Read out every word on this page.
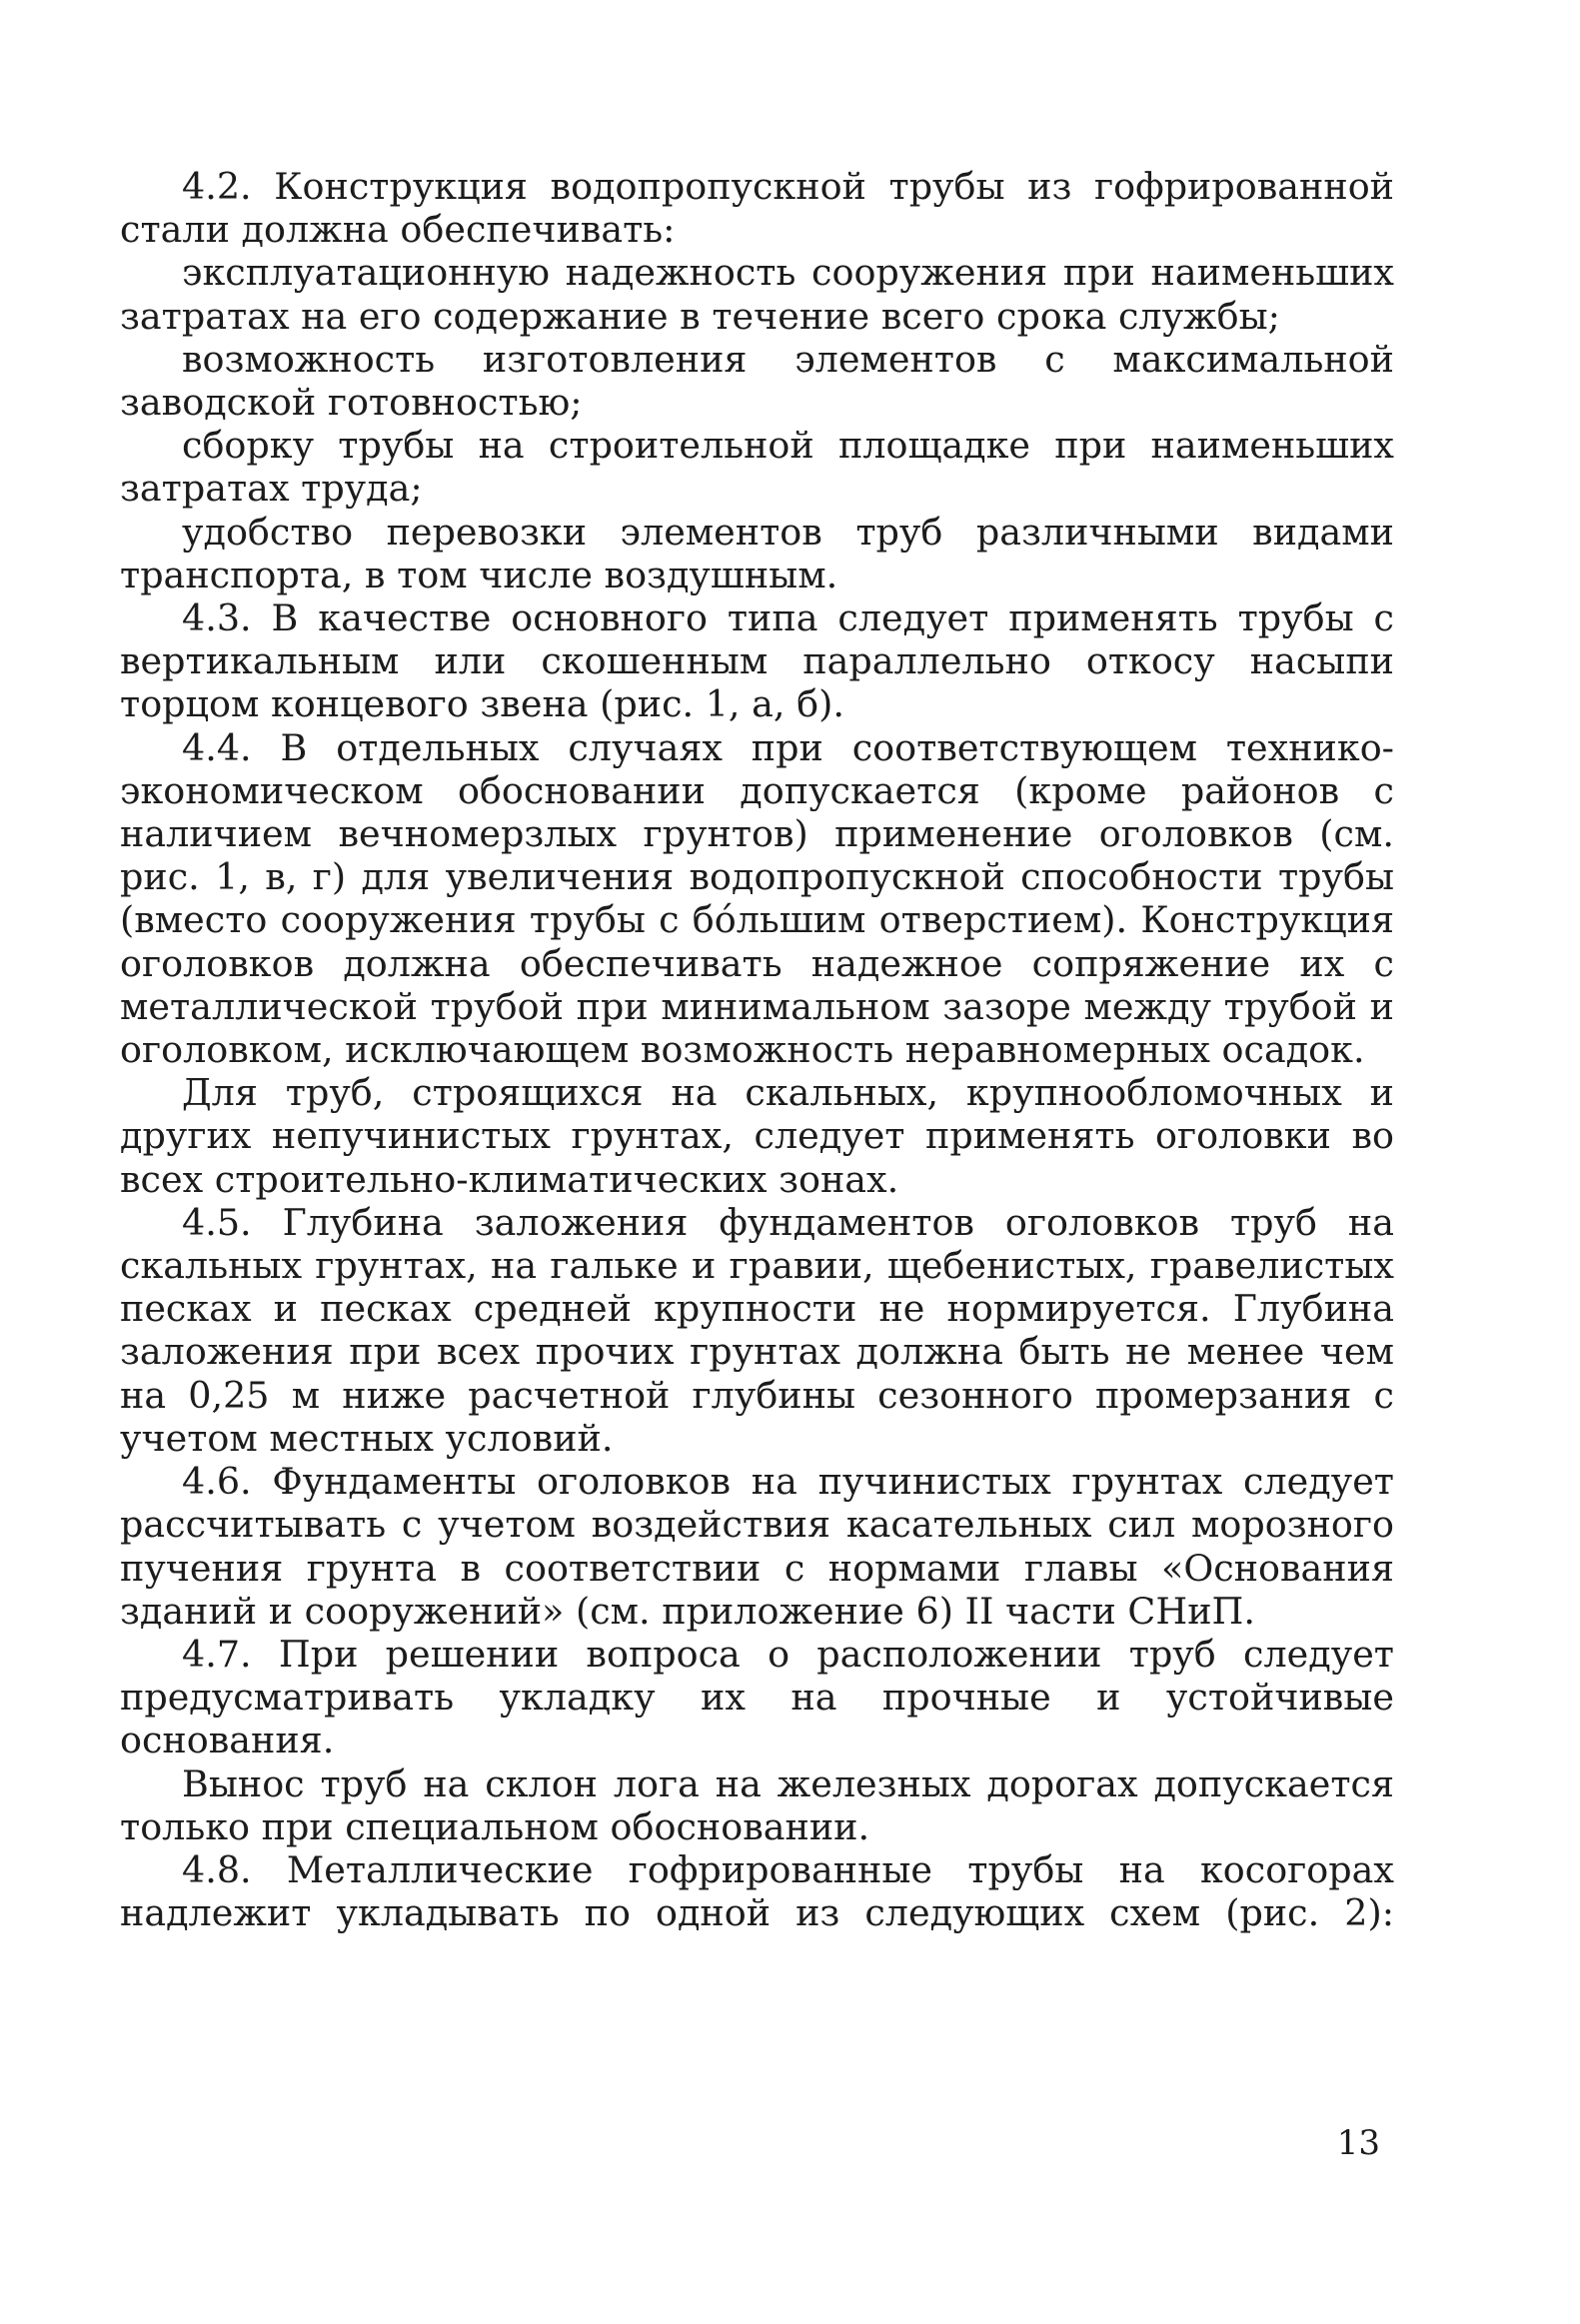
4.2. Конструкция водопропускной трубы из гофрированной стали должна обеспечивать:

эксплуатационную надежность сооружения при наименьших затратах на его содержание в течение всего срока службы;

возможность изготовления элементов с максимальной заводской готовностью;

сборку трубы на строительной площадке при наименьших затратах труда;

удобство перевозки элементов труб различными видами транспорта, в том числе воздушным.

4.3. В качестве основного типа следует применять трубы с вертикальным или скошенным параллельно откосу насыпи торцом концевого звена (рис. 1, а, б).

4.4. В отдельных случаях при соответствующем технико-экономическом обосновании допускается (кроме районов с наличием вечномерзлых грунтов) применение оголовков (см. рис. 1, в, г) для увеличения водопропускной способности трубы (вместо сооружения трубы с бо́льшим отверстием). Конструкция оголовков должна обеспечивать надежное сопряжение их с металлической трубой при минимальном зазоре между трубой и оголовком, исключающем возможность неравномерных осадок.

Для труб, строящихся на скальных, крупнообломочных и других непучинистых грунтах, следует применять оголовки во всех строительно-климатических зонах.

4.5. Глубина заложения фундаментов оголовков труб на скальных грунтах, на гальке и гравии, щебенистых, гравелистых песках и песках средней крупности не нормируется. Глубина заложения при всех прочих грунтах должна быть не менее чем на 0,25 м ниже расчетной глубины сезонного промерзания с учетом местных условий.

4.6. Фундаменты оголовков на пучинистых грунтах следует рассчитывать с учетом воздействия касательных сил морозного пучения грунта в соответствии с нормами главы «Основания зданий и сооружений» (см. приложение 6) II части СНиП.

4.7. При решении вопроса о расположении труб следует предусматривать укладку их на прочные и устойчивые основания.

Вынос труб на склон лога на железных дорогах допускается только при специальном обосновании.

4.8. Металлические гофрированные трубы на косогорах надлежит укладывать по одной из следующих схем (рис. 2):

13
